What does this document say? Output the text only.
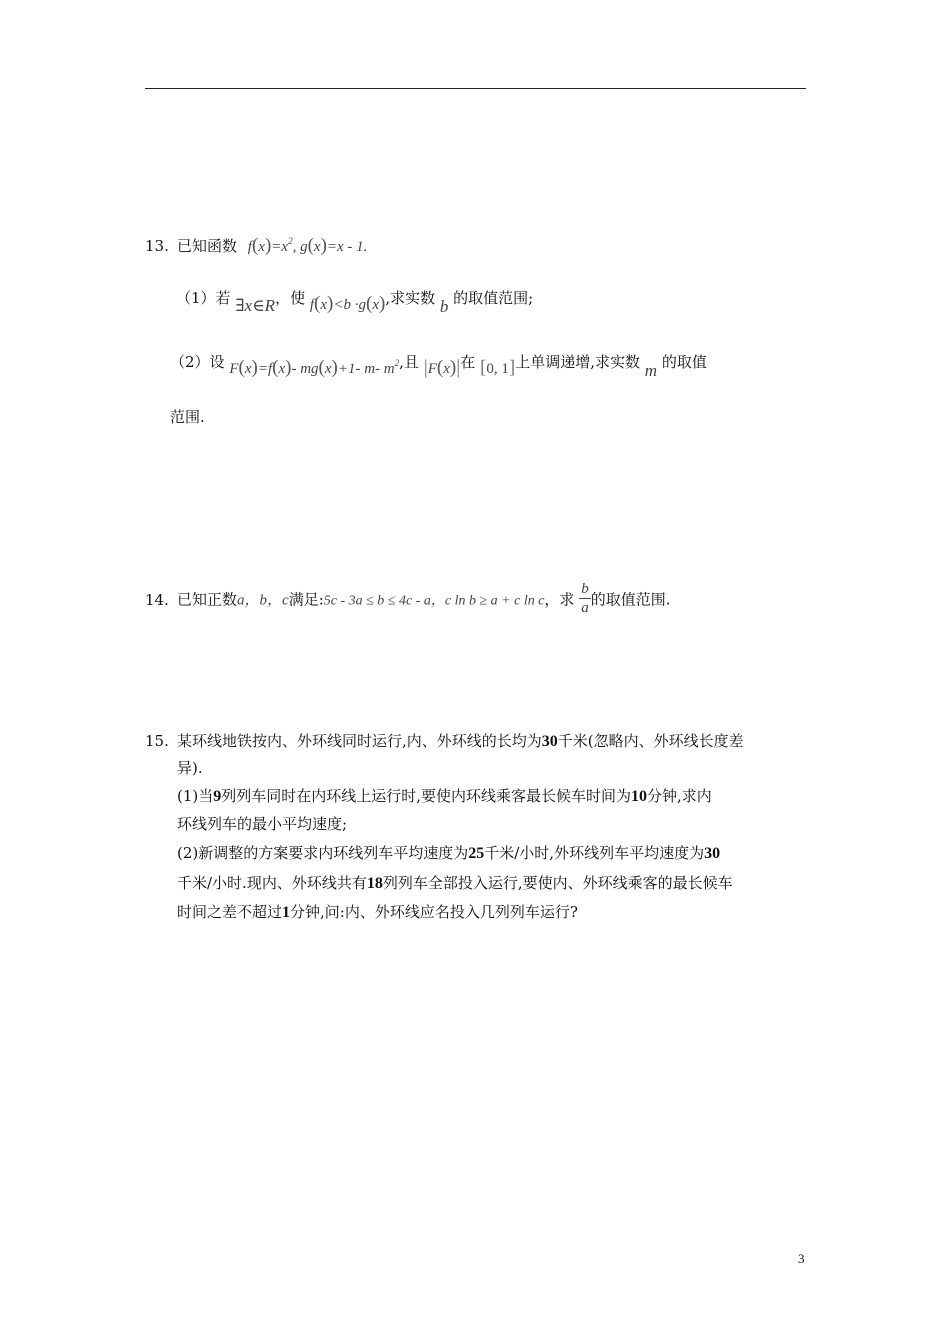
13. 已知函数 $f(x)=x^2$, g(x)=x - 1.
（1）若 ∃x∈R，使 f(x)<b ·g(x),求实数 b 的取值范围;
（2）设 F(x)=f(x)- mg(x)+1- m- $m^2$,且 |F(x)|在 [0, 1]上单调递增,求实数 m 的取值
范围.
14. 已知正数a，b，c满足:5c - 3a ≤ b ≤ 4c - a，c ln b ≥ a + c ln c，求 $\frac{b}{a}$ 的取值范围.
15. 某环线地铁按内、外环线同时运行,内、外环线的长均为30千米(忽略内、外环线长度差
异).
(1)当9列列车同时在内环线上运行时,要使内环线乘客最长候车时间为10分钟,求内
环线列车的最小平均速度;
(2)新调整的方案要求内环线列车平均速度为25千米/小时,外环线列车平均速度为30
千米/小时.现内、外环线共有18列列车全部投入运行,要使内、外环线乘客的最长候车
时间之差不超过1分钟,问:内、外环线应名投入几列列车运行?
3
